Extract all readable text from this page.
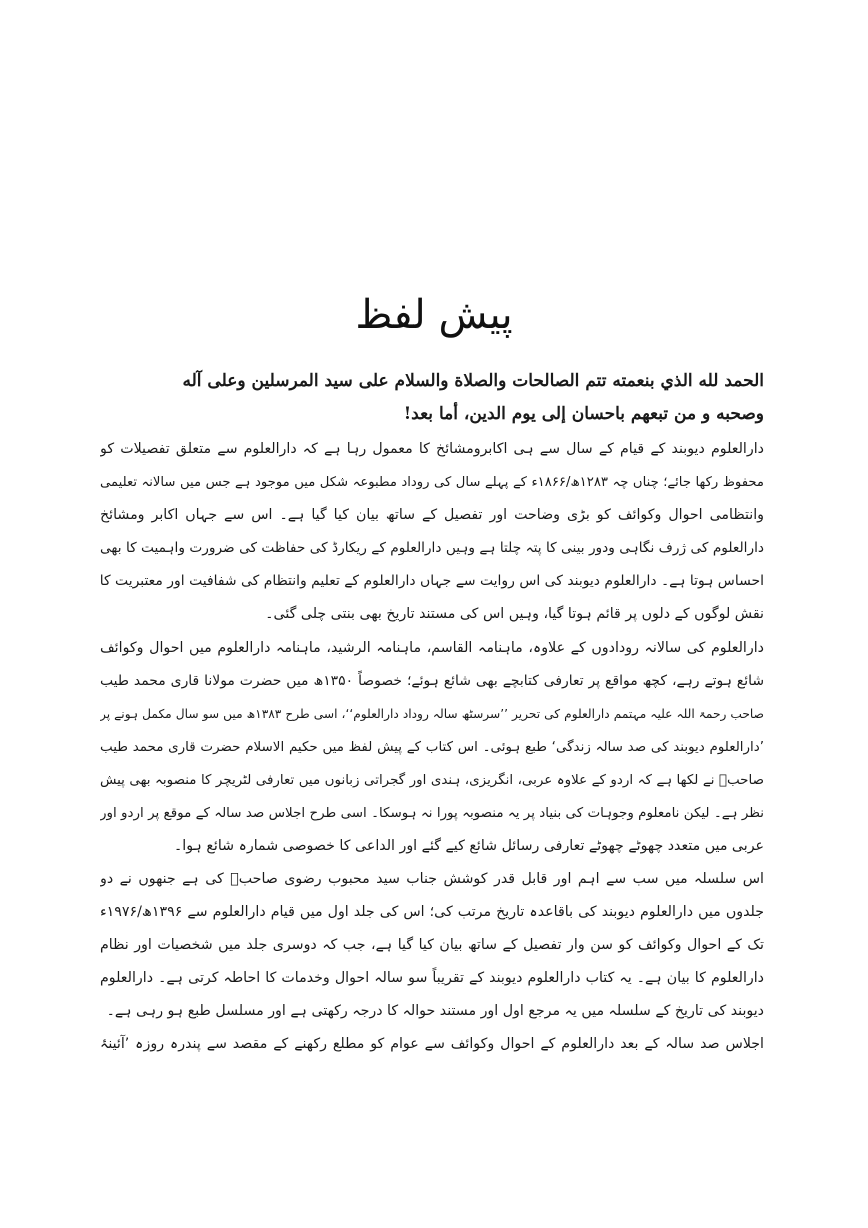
پیش لفظ
الحمد لله الذي بنعمته تتم الصالحات والصلاة والسلام على سيد المرسلين وعلى آله
وصحبه و من تبعهم باحسان إلى يوم الدين، أما بعد!
دارالعلوم دیوبند کے قیام کے سال سے ہی اکابرومشائخ کا معمول رہا ہے کہ دارالعلوم سے متعلق تفصیلات کو
محفوظ رکھا جائے؛ چناں چہ ۱۲۸۳ھ/۱۸۶۶ء کے پہلے سال کی روداد مطبوعہ شکل میں موجود ہے جس میں سالانہ تعلیمی
وانتظامی احوال وکوائف کو بڑی وضاحت اور تفصیل کے ساتھ بیان کیا گیا ہے۔ اس سے جہاں اکابر ومشائخ
دارالعلوم کی ژرف نگاہی ودور بینی کا پتہ چلتا ہے وہیں دارالعلوم کے ریکارڈ کی حفاظت کی ضرورت واہمیت کا بھی
احساس ہوتا ہے۔ دارالعلوم دیوبند کی اس روایت سے جہاں دارالعلوم کے تعلیم وانتظام کی شفافیت اور معتبریت کا
نقش لوگوں کے دلوں پر قائم ہوتا گیا، وہیں اس کی مستند تاریخ بھی بنتی چلی گئی۔
دارالعلوم کی سالانہ رودادوں کے علاوہ، ماہنامہ القاسم، ماہنامہ الرشید، ماہنامہ دارالعلوم میں احوال وکوائف
شائع ہوتے رہے، کچھ مواقع پر تعارفی کتابچے بھی شائع ہوئے؛ خصوصاً ۱۳۵۰ھ میں حضرت مولانا قاری محمد طیب
صاحب رحمۃ اللہ علیہ مہتمم دارالعلوم کی تحریر ’’سرسٹھ سالہ روداد دارالعلوم‘‘، اسی طرح ۱۳۸۳ھ میں سو سال مکمل ہونے پر
’دارالعلوم دیوبند کی صد سالہ زندگی‘ طبع ہوئی۔ اس کتاب کے پیش لفظ میں حکیم الاسلام حضرت قاری محمد طیب
صاحبؒ نے لکھا ہے کہ اردو کے علاوہ عربی، انگریزی، ہندی اور گجراتی زبانوں میں تعارفی لٹریچر کا منصوبہ بھی پیش
نظر ہے۔ لیکن نامعلوم وجوہات کی بنیاد پر یہ منصوبہ پورا نہ ہوسکا۔ اسی طرح اجلاس صد سالہ کے موقع پر اردو اور
عربی میں متعدد چھوٹے چھوٹے تعارفی رسائل شائع کیے گئے اور الداعی کا خصوصی شمارہ شائع ہوا۔
اس سلسلہ میں سب سے اہم اور قابل قدر کوشش جناب سید محبوب رضوی صاحبؒ کی ہے جنھوں نے دو
جلدوں میں دارالعلوم دیوبند کی باقاعدہ تاریخ مرتب کی؛ اس کی جلد اول میں قیام دارالعلوم سے ۱۳۹۶ھ/۱۹۷۶ء
تک کے احوال وکوائف کو سن وار تفصیل کے ساتھ بیان کیا گیا ہے، جب کہ دوسری جلد میں شخصیات اور نظام
دارالعلوم کا بیان ہے۔ یہ کتاب دارالعلوم دیوبند کے تقریباً سو سالہ احوال وخدمات کا احاطہ کرتی ہے۔ دارالعلوم
دیوبند کی تاریخ کے سلسلہ میں یہ مرجع اول اور مستند حوالہ کا درجہ رکھتی ہے اور مسلسل طبع ہو رہی ہے۔
اجلاس صد سالہ کے بعد دارالعلوم کے احوال وکوائف سے عوام کو مطلع رکھنے کے مقصد سے پندرہ روزہ ’آئینۂ
